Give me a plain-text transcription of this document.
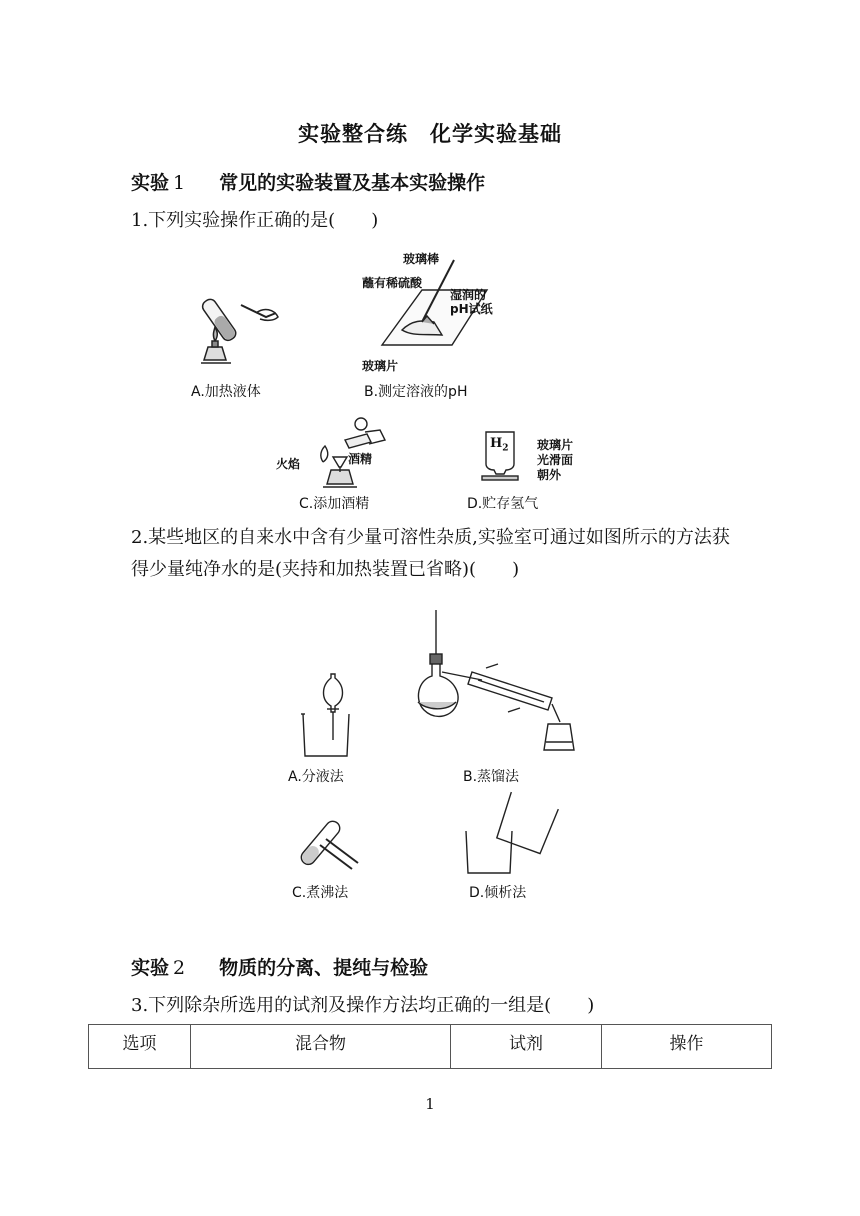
实验整合练　化学实验基础
实验 1 常见的实验装置及基本实验操作
1.下列实验操作正确的是(　　)
A.加热液体
玻璃棒
蘸有稀硫酸
湿润的
pH试纸
玻璃片
B.测定溶液的pH
火焰	酒精
C.添加酒精
$H_2$ 玻璃片
光滑面
朝外
D.贮存氢气
2.某些地区的自来水中含有少量可溶性杂质,实验室可通过如图所示的方法获得少量纯净水的是(夹持和加热装置已省略)(　　)
A.分液法	B.蒸馏法
C.煮沸法	D.倾析法
实验 2 物质的分离、提纯与检验
3.下列除杂所选用的试剂及操作方法均正确的一组是(　　)
选项	混合物	试剂	操作
1
